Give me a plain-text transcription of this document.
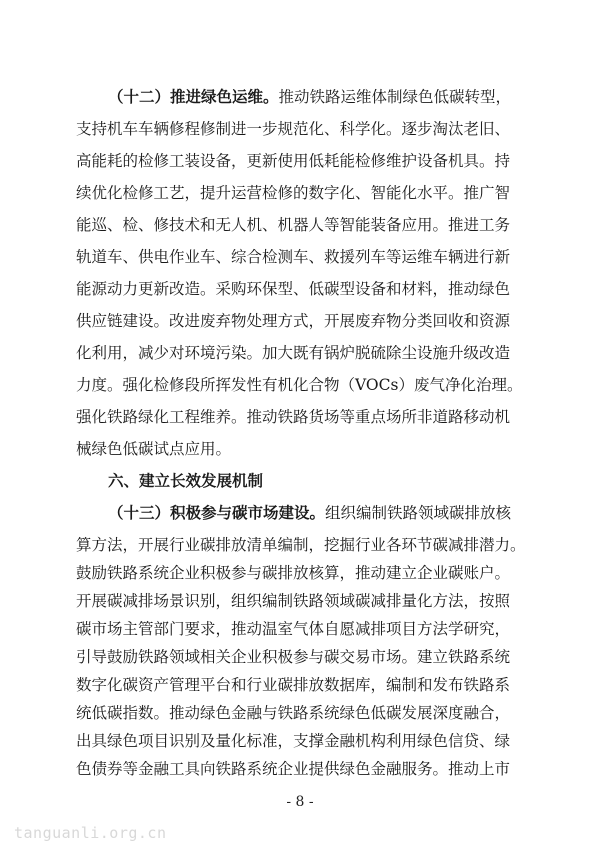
（十二）推进绿色运维。推动铁路运维体制绿色低碳转型，
支持机车车辆修程修制进一步规范化、科学化。逐步淘汰老旧、
高能耗的检修工装设备，更新使用低耗能检修维护设备机具。持
续优化检修工艺，提升运营检修的数字化、智能化水平。推广智
能巡、检、修技术和无人机、机器人等智能装备应用。推进工务
轨道车、供电作业车、综合检测车、救援列车等运维车辆进行新
能源动力更新改造。采购环保型、低碳型设备和材料，推动绿色
供应链建设。改进废弃物处理方式，开展废弃物分类回收和资源
化利用，减少对环境污染。加大既有锅炉脱硫除尘设施升级改造
力度。强化检修段所挥发性有机化合物（VOCs）废气净化治理。
强化铁路绿化工程维养。推动铁路货场等重点场所非道路移动机
械绿色低碳试点应用。
六、建立长效发展机制
（十三）积极参与碳市场建设。组织编制铁路领域碳排放核
算方法，开展行业碳排放清单编制，挖掘行业各环节碳减排潜力。
鼓励铁路系统企业积极参与碳排放核算，推动建立企业碳账户。
开展碳减排场景识别，组织编制铁路领域碳减排量化方法，按照
碳市场主管部门要求，推动温室气体自愿减排项目方法学研究，
引导鼓励铁路领域相关企业积极参与碳交易市场。建立铁路系统
数字化碳资产管理平台和行业碳排放数据库，编制和发布铁路系
统低碳指数。推动绿色金融与铁路系统绿色低碳发展深度融合，
出具绿色项目识别及量化标准，支撑金融机构利用绿色信贷、绿
色债券等金融工具向铁路系统企业提供绿色金融服务。推动上市
- 8 -
tanguanli.org.cn
